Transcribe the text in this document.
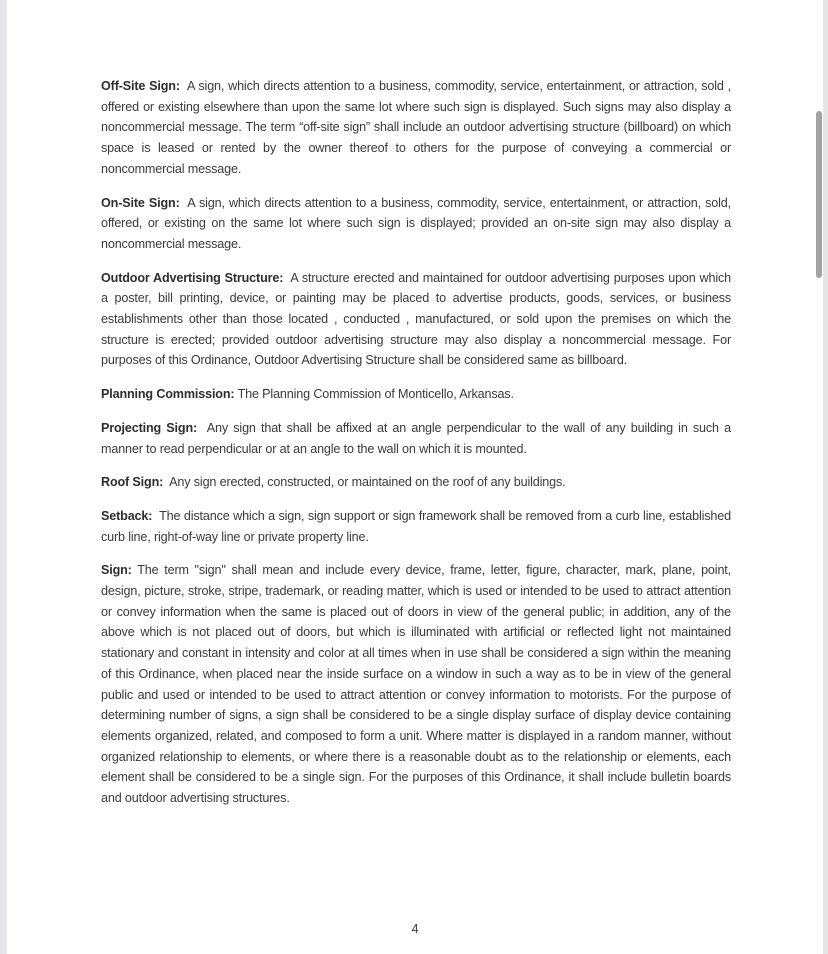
Off-Site Sign: A sign, which directs attention to a business, commodity, service, entertainment, or attraction, sold , offered or existing elsewhere than upon the same lot where such sign is displayed. Such signs may also display a noncommercial message. The term “off-site sign” shall include an outdoor advertising structure (billboard) on which space is leased or rented by the owner thereof to others for the purpose of conveying a commercial or noncommercial message.

On-Site Sign: A sign, which directs attention to a business, commodity, service, entertainment, or attraction, sold, offered, or existing on the same lot where such sign is displayed; provided an on-site sign may also display a noncommercial message.

Outdoor Advertising Structure: A structure erected and maintained for outdoor advertising purposes upon which a poster, bill printing, device, or painting may be placed to advertise products, goods, services, or business establishments other than those located , conducted , manufactured, or sold upon the premises on which the structure is erected; provided outdoor advertising structure may also display a noncommercial message. For purposes of this Ordinance, Outdoor Advertising Structure shall be considered same as billboard.

Planning Commission: The Planning Commission of Monticello, Arkansas.

Projecting Sign: Any sign that shall be affixed at an angle perpendicular to the wall of any building in such a manner to read perpendicular or at an angle to the wall on which it is mounted.

Roof Sign: Any sign erected, constructed, or maintained on the roof of any buildings.

Setback: The distance which a sign, sign support or sign framework shall be removed from a curb line, established curb line, right-of-way line or private property line.

Sign: The term "sign" shall mean and include every device, frame, letter, figure, character, mark, plane, point, design, picture, stroke, stripe, trademark, or reading matter, which is used or intended to be used to attract attention or convey information when the same is placed out of doors in view of the general public; in addition, any of the above which is not placed out of doors, but which is illuminated with artificial or reflected light not maintained stationary and constant in intensity and color at all times when in use shall be considered a sign within the meaning of this Ordinance, when placed near the inside surface on a window in such a way as to be in view of the general public and used or intended to be used to attract attention or convey information to motorists. For the purpose of determining number of signs, a sign shall be considered to be a single display surface of display device containing elements organized, related, and composed to form a unit. Where matter is displayed in a random manner, without organized relationship to elements, or where there is a reasonable doubt as to the relationship or elements, each element shall be considered to be a single sign. For the purposes of this Ordinance, it shall include bulletin boards and outdoor advertising structures.

4
